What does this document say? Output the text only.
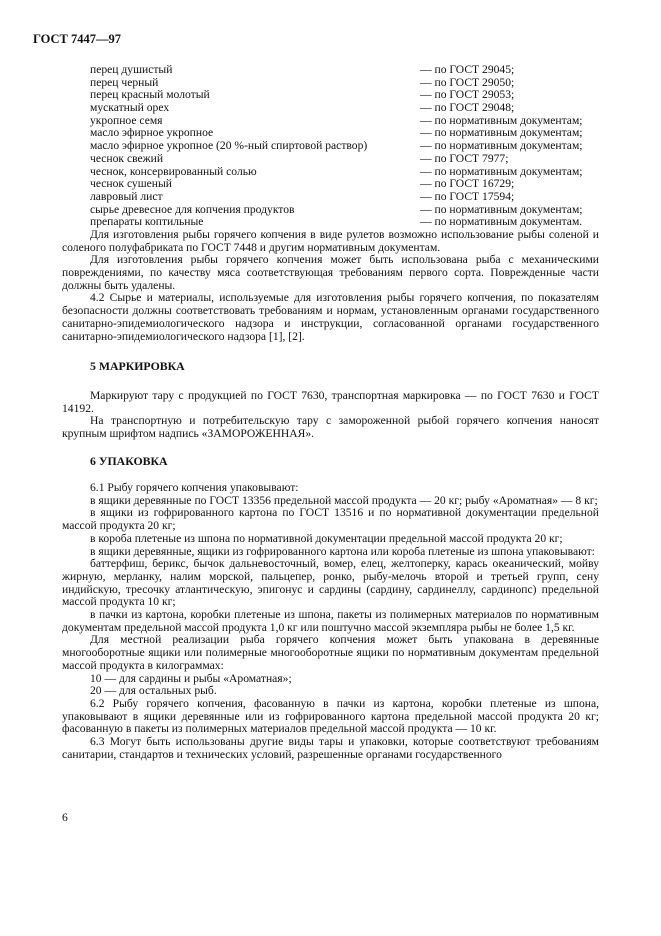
ГОСТ 7447—97
перец душистый	— по ГОСТ 29045;
перец черный	— по ГОСТ 29050;
перец красный молотый	— по ГОСТ 29053;
мускатный орех	— по ГОСТ 29048;
укропное семя	— по нормативным документам;
масло эфирное укропное	— по нормативным документам;
масло эфирное укропное (20 %-ный спиртовой раствор)	— по нормативным документам;
чеснок свежий	— по ГОСТ 7977;
чеснок, консервированный солью	— по нормативным документам;
чеснок сушеный	— по ГОСТ 16729;
лавровый лист	— по ГОСТ 17594;
сырье древесное для копчения продуктов	— по нормативным документам;
препараты коптильные	— по нормативным документам.

Для изготовления рыбы горячего копчения в виде рулетов возможно использование рыбы соленой и соленого полуфабриката по ГОСТ 7448 и другим нормативным документам.

Для изготовления рыбы горячего копчения может быть использована рыба с механическими повреждениями, по качеству мяса соответствующая требованиям первого сорта. Поврежденные части должны быть удалены.

4.2 Сырье и материалы, используемые для изготовления рыбы горячего копчения, по показателям безопасности должны соответствовать требованиям и нормам, установленным органами государственного санитарно-эпидемиологического надзора и инструкции, согласованной органами государственного санитарно-эпидемиологического надзора [1], [2].

5 МАРКИРОВКА

Маркируют тару с продукцией по ГОСТ 7630, транспортная маркировка — по ГОСТ 7630 и ГОСТ 14192.

На транспортную и потребительскую тару с замороженной рыбой горячего копчения наносят крупным шрифтом надпись «ЗАМОРОЖЕННАЯ».

6 УПАКОВКА

6.1 Рыбу горячего копчения упаковывают:

в ящики деревянные по ГОСТ 13356 предельной массой продукта — 20 кг; рыбу «Ароматная» — 8 кг;

в ящики из гофрированного картона по ГОСТ 13516 и по нормативной документации предельной массой продукта 20 кг;

в короба плетеные из шпона по нормативной документации предельной массой продукта 20 кг;

в ящики деревянные, ящики из гофрированного картона или короба плетеные из шпона упаковывают:

баттерфиш, берикс, бычок дальневосточный, вомер, елец, желтоперку, карась океанический, мойву жирную, мерланку, налим морской, пальцепер, ронко, рыбу-мелочь второй и третьей групп, сену индийскую, тресочку атлантическую, эпигонус и сардины (сардину, сардинеллу, сардинопс) предельной массой продукта 10 кг;

в пачки из картона, коробки плетеные из шпона, пакеты из полимерных материалов по нормативным документам предельной массой продукта 1,0 кг или поштучно массой экземпляра рыбы не более 1,5 кг.

Для местной реализации рыба горячего копчения может быть упакована в деревянные многооборотные ящики или полимерные многооборотные ящики по нормативным документам предельной массой продукта в килограммах:

10 — для сардины и рыбы «Ароматная»;

20 — для остальных рыб.

6.2 Рыбу горячего копчения, фасованную в пачки из картона, коробки плетеные из шпона, упаковывают в ящики деревянные или из гофрированного картона предельной массой продукта 20 кг; фасованную в пакеты из полимерных материалов предельной массой продукта — 10 кг.

6.3 Могут быть использованы другие виды тары и упаковки, которые соответствуют требованиям санитарии, стандартов и технических условий, разрешенные органами государственного

6
